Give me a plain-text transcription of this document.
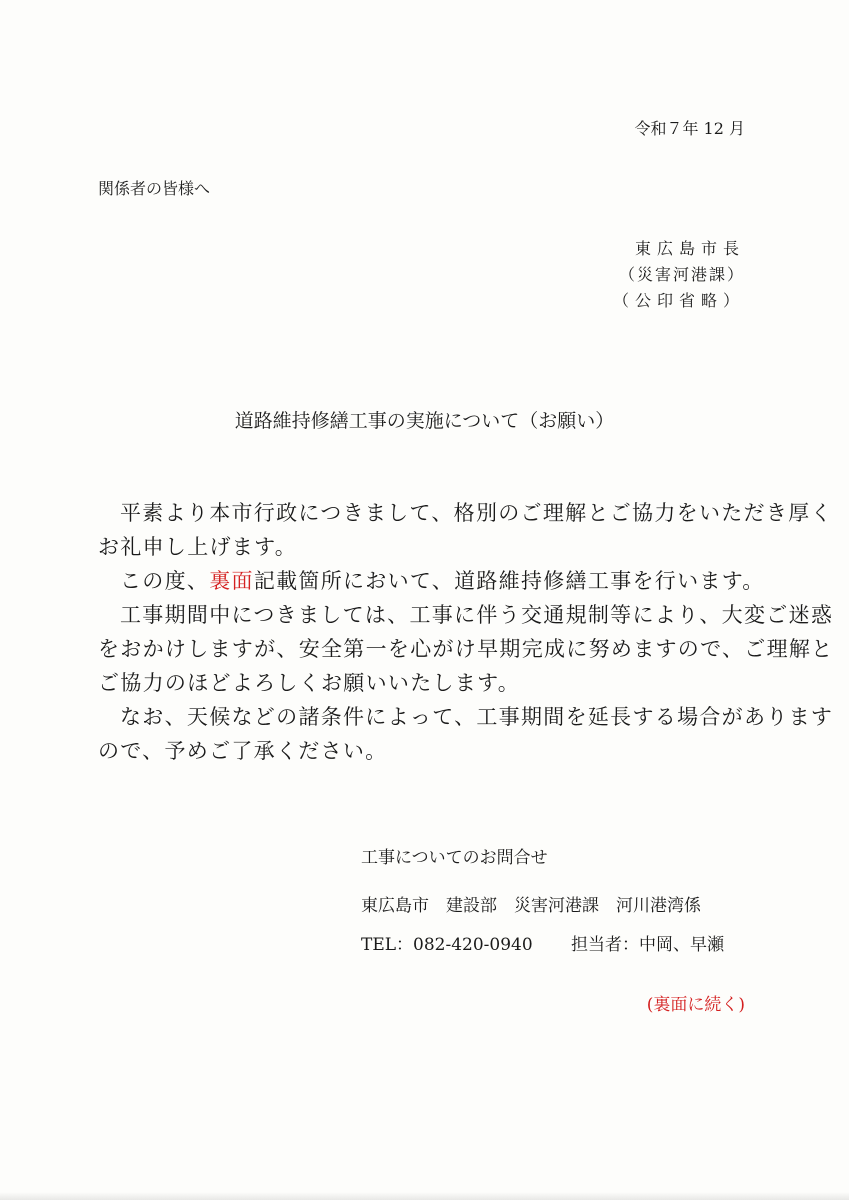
令和７年 12 月
関係者の皆様へ
東広島市長
（災害河港課）
（公印省略）
道路維持修繕工事の実施について（お願い）
平素より本市行政につきまして、格別のご理解とご協力をいただき厚く
お礼申し上げます。
この度、裏面記載箇所において、道路維持修繕工事を行います。
工事期間中につきましては、工事に伴う交通規制等により、大変ご迷惑
をおかけしますが、安全第一を心がけ早期完成に努めますので、ご理解と
ご協力のほどよろしくお願いいたします。
なお、天候などの諸条件によって、工事期間を延長する場合があります
ので、予めご了承ください。
工事についてのお問合せ
東広島市　建設部　災害河港課　河川港湾係
TEL：082-420-0940 担当者：中岡、早瀬
(裏面に続く)
